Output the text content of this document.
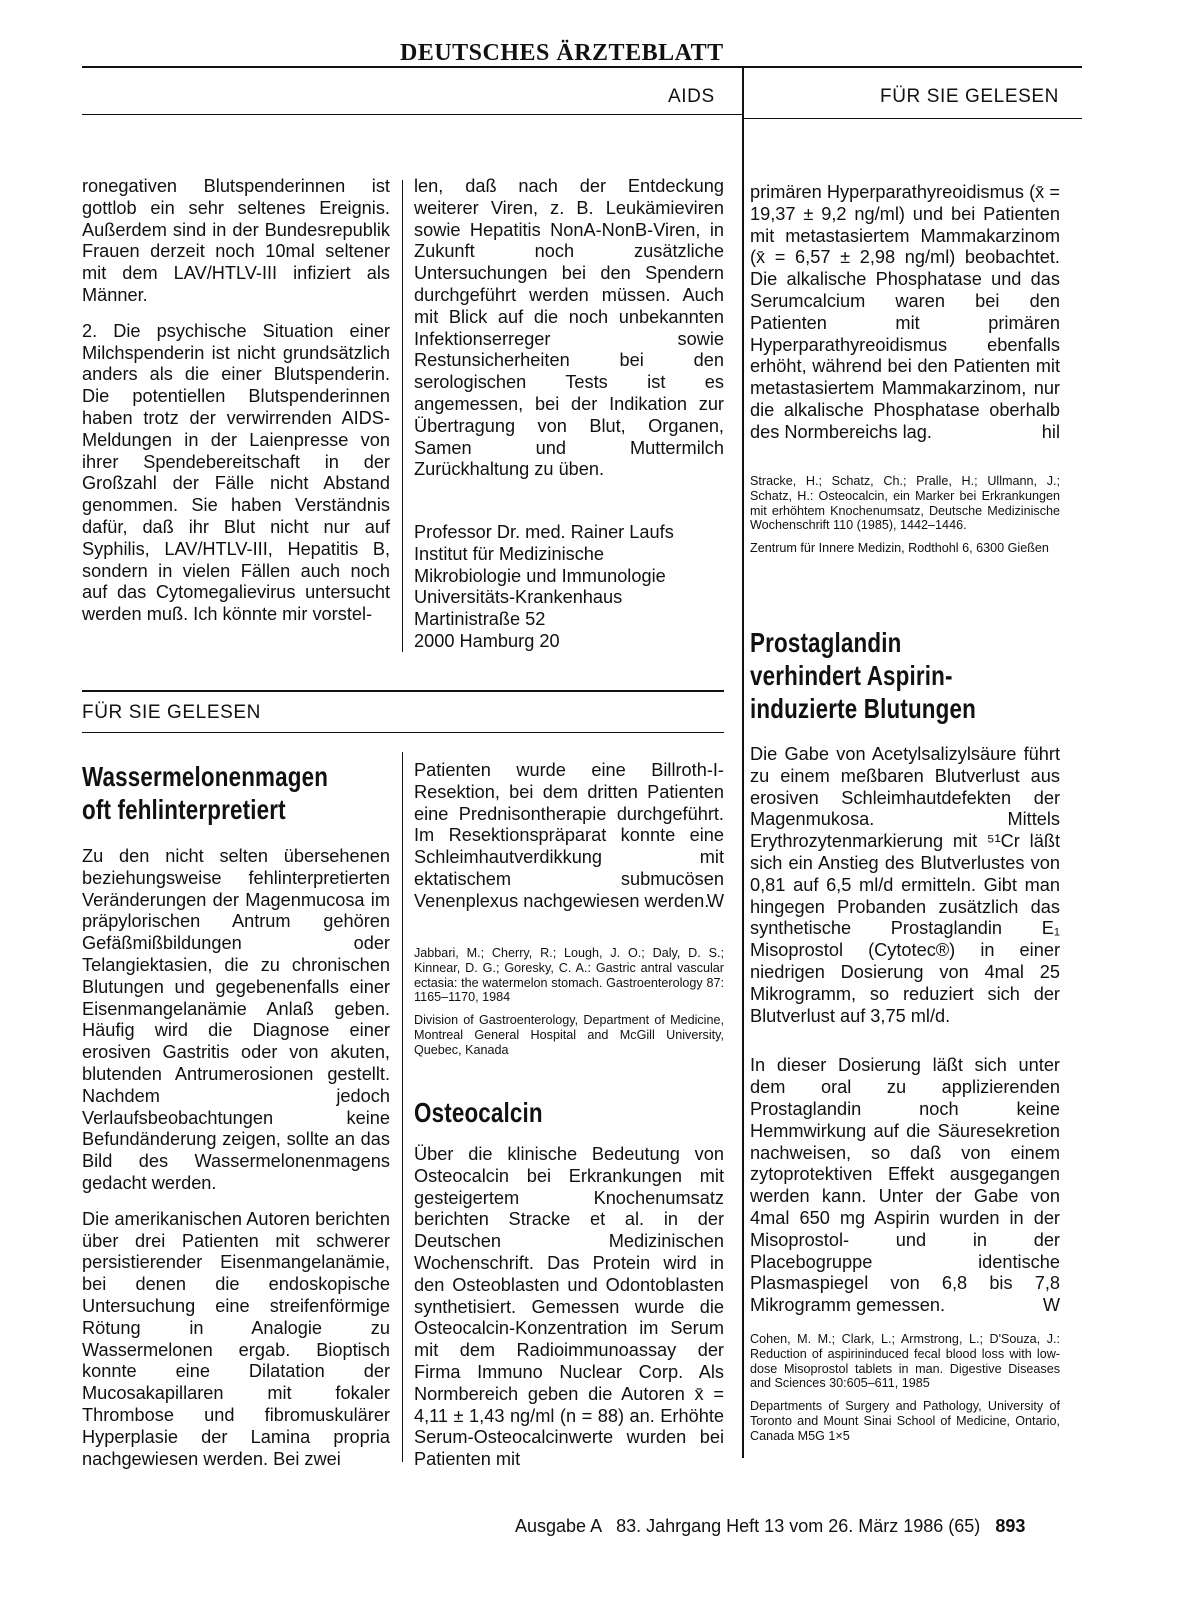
DEUTSCHES ÄRZTEBLATT
AIDS	FÜR SIE GELESEN

ronegativen Blutspenderinnen ist gottlob ein sehr seltenes Ereignis. Außerdem sind in der Bundesrepublik Frauen derzeit noch 10mal seltener mit dem LAV/HTLV-III infiziert als Männer.

2. Die psychische Situation einer Milchspenderin ist nicht grundsätzlich anders als die einer Blutspenderin. Die potentiellen Blutspenderinnen haben trotz der verwirrenden AIDS-Meldungen in der Laienpresse von ihrer Spendebereitschaft in der Großzahl der Fälle nicht Abstand genommen. Sie haben Verständnis dafür, daß ihr Blut nicht nur auf Syphilis, LAV/HTLV-III, Hepatitis B, sondern in vielen Fällen auch noch auf das Cytomegalievirus untersucht werden muß. Ich könnte mir vorstel-

len, daß nach der Entdeckung weiterer Viren, z. B. Leukämieviren sowie Hepatitis NonA-NonB-Viren, in Zukunft noch zusätzliche Untersuchungen bei den Spendern durchgeführt werden müssen. Auch mit Blick auf die noch unbekannten Infektionserreger sowie Restunsicherheiten bei den serologischen Tests ist es angemessen, bei der Indikation zur Übertragung von Blut, Organen, Samen und Muttermilch Zurückhaltung zu üben.

Professor Dr. med. Rainer Laufs
Institut für Medizinische
Mikrobiologie und Immunologie
Universitäts-Krankenhaus
Martinistraße 52
2000 Hamburg 20

primären Hyperparathyreoidismus (x̄ = 19,37 ± 9,2 ng/ml) und bei Patienten mit metastasiertem Mammakarzinom (x̄ = 6,57 ± 2,98 ng/ml) beobachtet. Die alkalische Phosphatase und das Serumcalcium waren bei den Patienten mit primären Hyperparathyreoidismus ebenfalls erhöht, während bei den Patienten mit metastasiertem Mammakarzinom, nur die alkalische Phosphatase oberhalb des Normbereichs lag.	hil

Stracke, H.; Schatz, Ch.; Pralle, H.; Ullmann, J.; Schatz, H.: Osteocalcin, ein Marker bei Erkrankungen mit erhöhtem Knochenumsatz, Deutsche Medizinische Wochenschrift 110 (1985), 1442–1446.

Zentrum für Innere Medizin, Rodthohl 6, 6300 Gießen

Prostaglandin
verhindert Aspirin-
induzierte Blutungen
FÜR SIE GELESEN
Wassermelonenmagen
oft fehlinterpretiert

Zu den nicht selten übersehenen beziehungsweise fehlinterpretierten Veränderungen der Magenmucosa im präpylorischen Antrum gehören Gefäßmißbildungen oder Telangiektasien, die zu chronischen Blutungen und gegebenenfalls einer Eisenmangelanämie Anlaß geben. Häufig wird die Diagnose einer erosiven Gastritis oder von akuten, blutenden Antrumerosionen gestellt. Nachdem jedoch Verlaufsbeobachtungen keine Befundänderung zeigen, sollte an das Bild des Wassermelonenmagens gedacht werden.

Die amerikanischen Autoren berichten über drei Patienten mit schwerer persistierender Eisenmangelanämie, bei denen die endoskopische Untersuchung eine streifenförmige Rötung in Analogie zu Wassermelonen ergab. Bioptisch konnte eine Dilatation der Mucosakapillaren mit fokaler Thrombose und fibromuskulärer Hyperplasie der Lamina propria nachgewiesen werden. Bei zwei

Patienten wurde eine Billroth-I-Resektion, bei dem dritten Patienten eine Prednisontherapie durchgeführt. Im Resektionspräparat konnte eine Schleimhautverdikkung mit ektatischem submucösen Venenplexus nachgewiesen werden.

W

Jabbari, M.; Cherry, R.; Lough, J. O.; Daly, D. S.; Kinnear, D. G.; Goresky, C. A.: Gastric antral vascular ectasia: the watermelon stomach. Gastroenterology 87: 1165–1170, 1984

Division of Gastroenterology, Department of Medicine, Montreal General Hospital and McGill University, Quebec, Kanada

Osteocalcin

Über die klinische Bedeutung von Osteocalcin bei Erkrankungen mit gesteigertem Knochenumsatz berichten Stracke et al. in der Deutschen Medizinischen Wochenschrift. Das Protein wird in den Osteoblasten und Odontoblasten synthetisiert. Gemessen wurde die Osteocalcin-Konzentration im Serum mit dem Radioimmunoassay der Firma Immuno Nuclear Corp. Als Normbereich geben die Autoren x̄ = 4,11 ± 1,43 ng/ml (n = 88) an. Erhöhte Serum-Osteocalcinwerte wurden bei Patienten mit

Die Gabe von Acetylsalizylsäure führt zu einem meßbaren Blutverlust aus erosiven Schleimhautdefekten der Magenmukosa. Mittels Erythrozytenmarkierung mit ⁵¹Cr läßt sich ein Anstieg des Blutverlustes von 0,81 auf 6,5 ml/d ermitteln. Gibt man hingegen Probanden zusätzlich das synthetische Prostaglandin E₁ Misoprostol (Cytotec®) in einer niedrigen Dosierung von 4mal 25 Mikrogramm, so reduziert sich der Blutverlust auf 3,75 ml/d.

In dieser Dosierung läßt sich unter dem oral zu applizierenden Prostaglandin noch keine Hemmwirkung auf die Säuresekretion nachweisen, so daß von einem zytoprotektiven Effekt ausgegangen werden kann. Unter der Gabe von 4mal 650 mg Aspirin wurden in der Misoprostol- und in der Placebogruppe identische Plasmaspiegel von 6,8 bis 7,8 Mikrogramm gemessen.	W

Cohen, M. M.; Clark, L.; Armstrong, L.; D'Souza, J.: Reduction of aspirininduced fecal blood loss with low-dose Misoprostol tablets in man. Digestive Diseases and Sciences 30:605–611, 1985

Departments of Surgery and Pathology, University of Toronto and Mount Sinai School of Medicine, Ontario, Canada M5G 1×5

Ausgabe A   83. Jahrgang Heft 13 vom 26. März 1986 (65) 893
